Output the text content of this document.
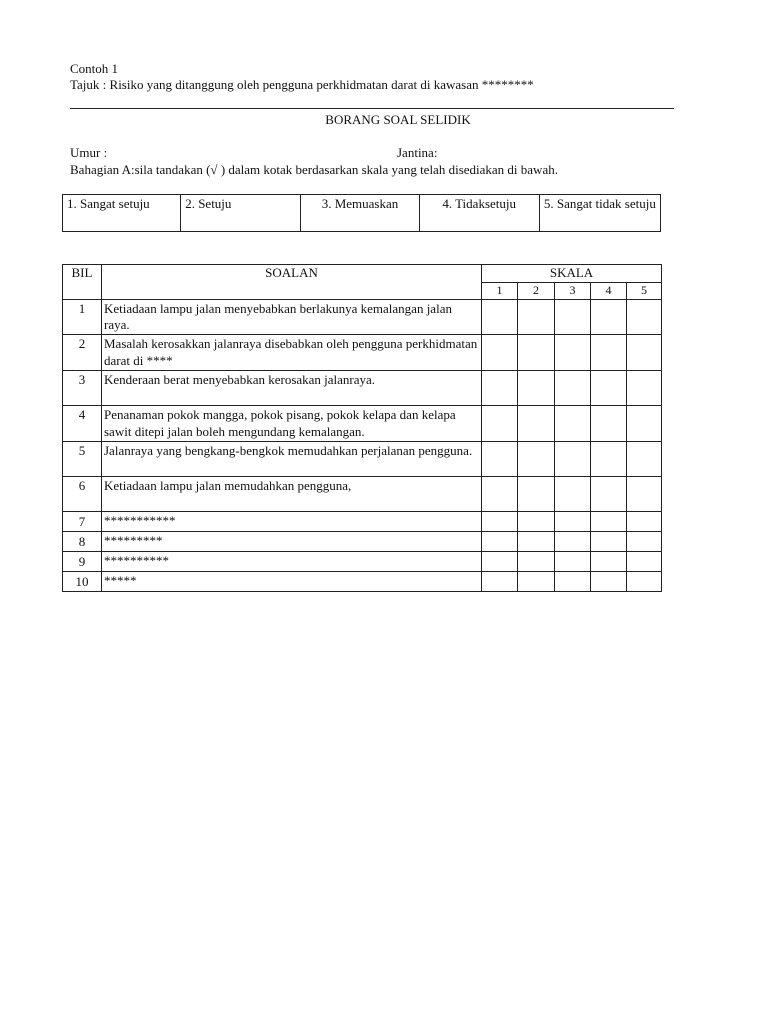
Contoh 1
Tajuk : Risiko yang ditanggung oleh pengguna perkhidmatan darat di kawasan ********
BORANG SOAL SELIDIK
Umur :	Jantina:
Bahagian A:sila tandakan (√ ) dalam kotak berdasarkan skala yang telah disediakan di bawah.
1. Sangat setuju	2. Setuju	3. Memuaskan	4. Tidaksetuju	5. Sangat tidak setuju
BIL	SOALAN	SKALA				
		1	2	3	4	5
1	Ketiadaan lampu jalan menyebabkan berlakunya kemalangan jalan raya.					
2	Masalah kerosakkan jalanraya disebabkan oleh pengguna perkhidmatan darat di ****					
3	Kenderaan berat menyebabkan kerosakan jalanraya.					
4	Penanaman pokok mangga, pokok pisang, pokok kelapa dan kelapa sawit ditepi jalan boleh mengundang kemalangan.					
5	Jalanraya yang bengkang-bengkok memudahkan perjalanan pengguna.					
6	Ketiadaan lampu jalan memudahkan pengguna,					
7	***********					
8	*********					
9	**********					
10	*****					
